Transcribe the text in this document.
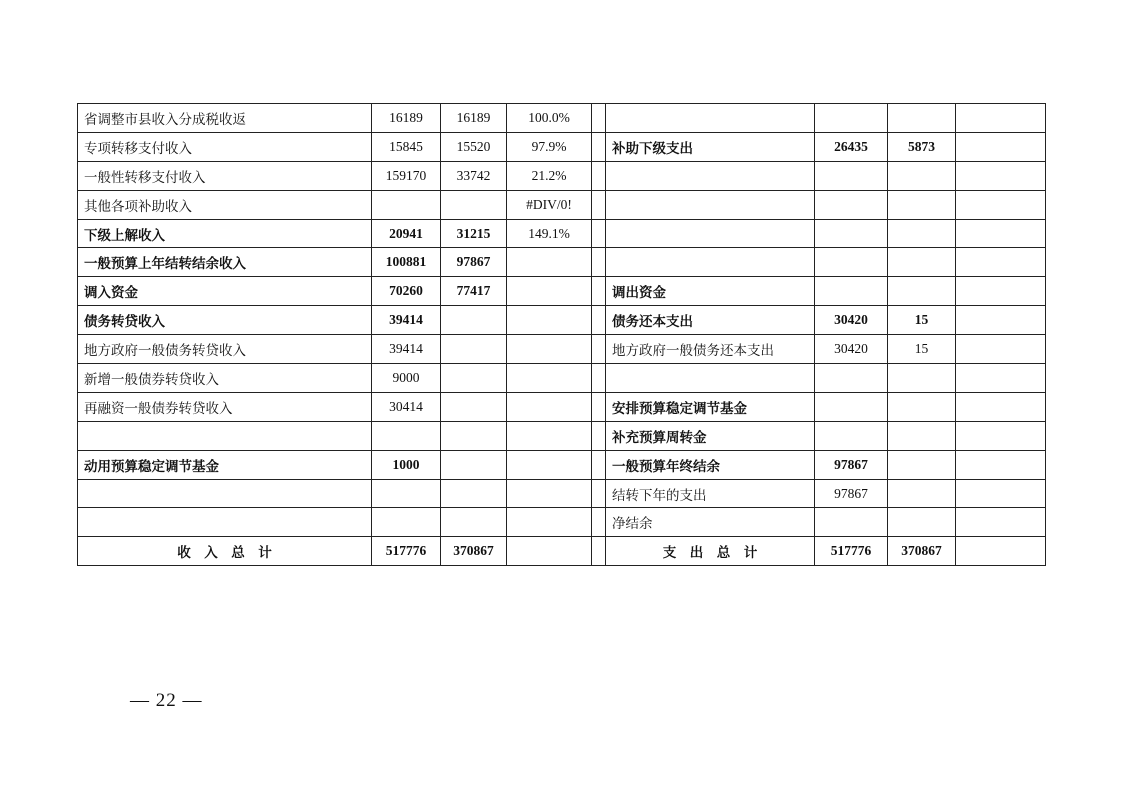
省调整市县收入分成税收返	16189	16189	100.0%					
专项转移支付收入	15845	15520	97.9%		补助下级支出	26435	5873	
一般性转移支付收入	159170	33742	21.2%					
其他各项补助收入			#DIV/0!					
下级上解收入	20941	31215	149.1%					
一般预算上年结转结余收入	100881	97867						
调入资金	70260	77417			调出资金			
债务转贷收入	39414				债务还本支出	30420	15	
地方政府一般债务转贷收入	39414				地方政府一般债务还本支出	30420	15	
新增一般债券转贷收入	9000							
再融资一般债券转贷收入	30414				安排预算稳定调节基金			
					补充预算周转金			
动用预算稳定调节基金	1000				一般预算年终结余	97867		
					结转下年的支出	97867		
					净结余			
收　入　总　计	517776	370867			支　出　总　计	517776	370867	
— 22 —
